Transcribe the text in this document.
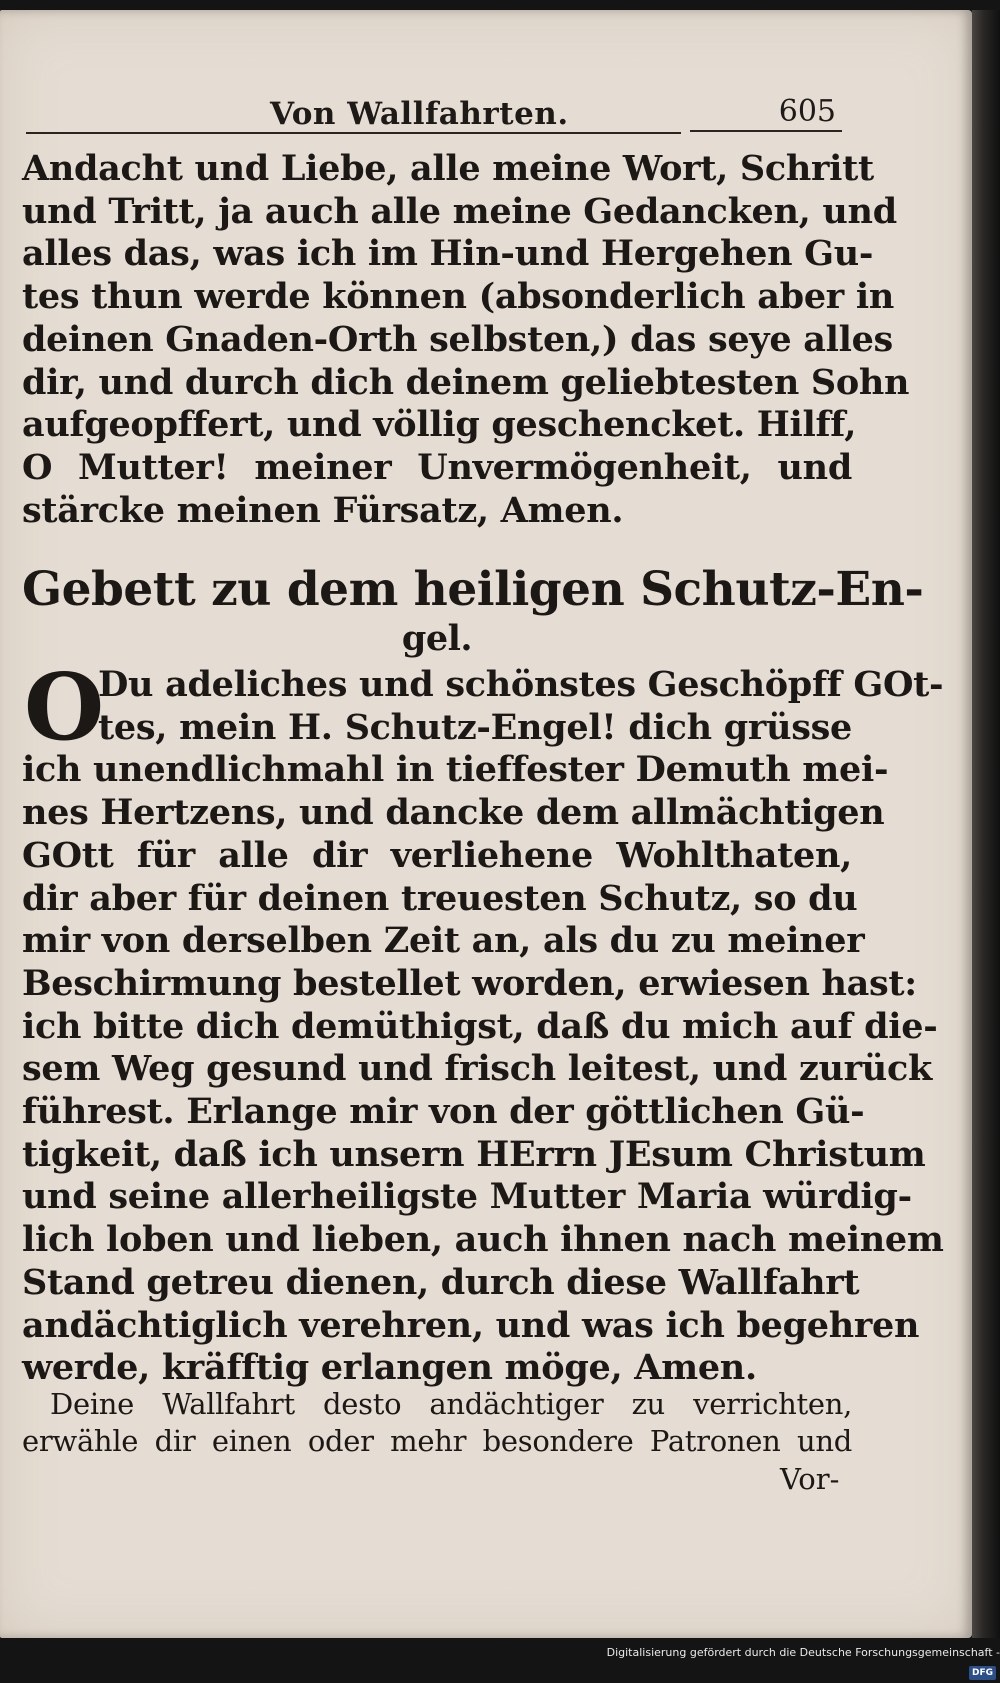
Von Wallfahrten.	605
Andacht und Liebe, alle meine Wort, Schritt
und Tritt, ja auch alle meine Gedancken, und
alles das, was ich im Hin-und Hergehen Gu-
tes thun werde können (absonderlich aber in
deinen Gnaden-Orth selbsten,) das seye alles
dir, und durch dich deinem geliebtesten Sohn
aufgeopffert, und völlig geschencket. Hilff,
O Mutter! meiner Unvermögenheit, und
stärcke meinen Fürsatz, Amen.
Gebett zu dem heiligen Schutz-En-
gel.
O
Du adeliches und schönstes Geschöpff GOt-
tes, mein H. Schutz-Engel! dich grüsse
ich unendlichmahl in tieffester Demuth mei-
nes Hertzens, und dancke dem allmächtigen
GOtt für alle dir verliehene Wohlthaten,
dir aber für deinen treuesten Schutz, so du
mir von derselben Zeit an, als du zu meiner
Beschirmung bestellet worden, erwiesen hast:
ich bitte dich demüthigst, daß du mich auf die-
sem Weg gesund und frisch leitest, und zurück
führest. Erlange mir von der göttlichen Gü-
tigkeit, daß ich unsern HErrn JEsum Christum
und seine allerheiligste Mutter Maria würdig-
lich loben und lieben, auch ihnen nach meinem
Stand getreu dienen, durch diese Wallfahrt
andächtiglich verehren, und was ich begehren
werde, kräfftig erlangen möge, Amen.
Deine Wallfahrt desto andächtiger zu verrichten,
erwähle dir einen oder mehr besondere Patronen und
Vor-
Digitalisierung gefördert durch die Deutsche Forschungsgemeinschaft -DFG
